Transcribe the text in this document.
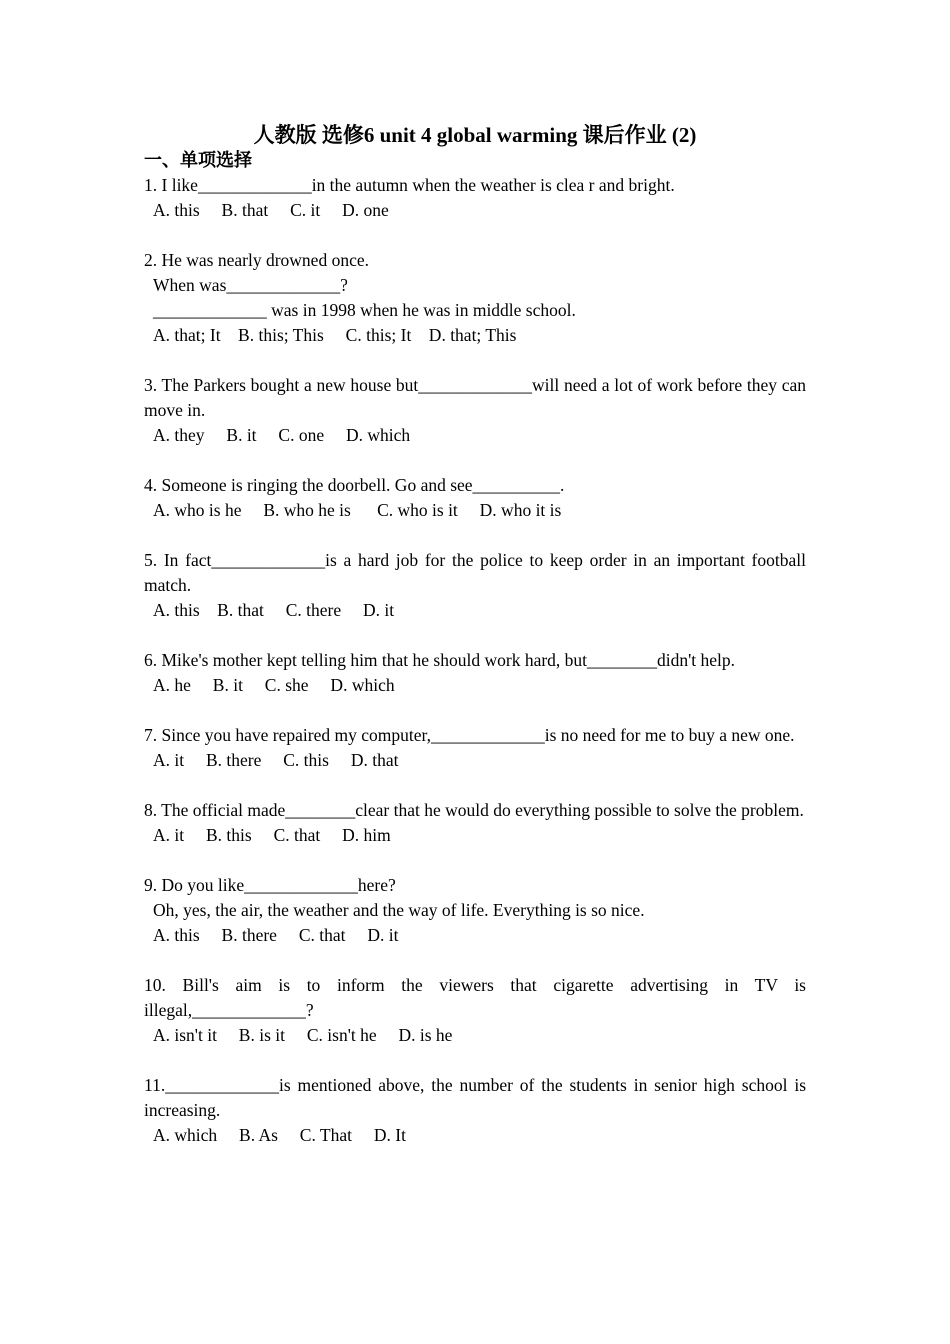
人教版 选修6 unit 4 global warming 课后作业 (2)
一、单项选择
1. I like_____________in the autumn when the weather is clea r and bright.
A. this     B. that     C. it     D. one
2. He was nearly drowned once.
When was_____________?
_____________ was in 1998 when he was in middle school.
A. that; It    B. this; This     C. this; It    D. that; This
3. The Parkers bought a new house but_____________will need a lot of work before they can move in.
A. they     B. it     C. one     D. which
4. Someone is ringing the doorbell. Go and see__________.
A. who is he     B. who he is      C. who is it     D. who it is
5. In fact_____________is a hard job for the police to keep order in an important football match.
A. this    B. that     C. there     D. it
6. Mike's mother kept telling him that he should work hard, but________didn't help.
A. he     B. it     C. she     D. which
7. Since you have repaired my computer,_____________is no need for me to buy a new one.
A. it     B. there     C. this     D. that
8. The official made________clear that he would do everything possible to solve the problem.
A. it     B. this     C. that     D. him
9. Do you like_____________here?
Oh, yes, the air, the weather and the way of life. Everything is so nice.
A. this     B. there     C. that     D. it
10. Bill's aim is to inform the viewers that cigarette advertising in TV is illegal,_____________?
A. isn't it     B. is it     C. isn't he     D. is he
11._____________is mentioned above, the number of the students in senior high school is increasing.
A. which     B. As     C. That     D. It
